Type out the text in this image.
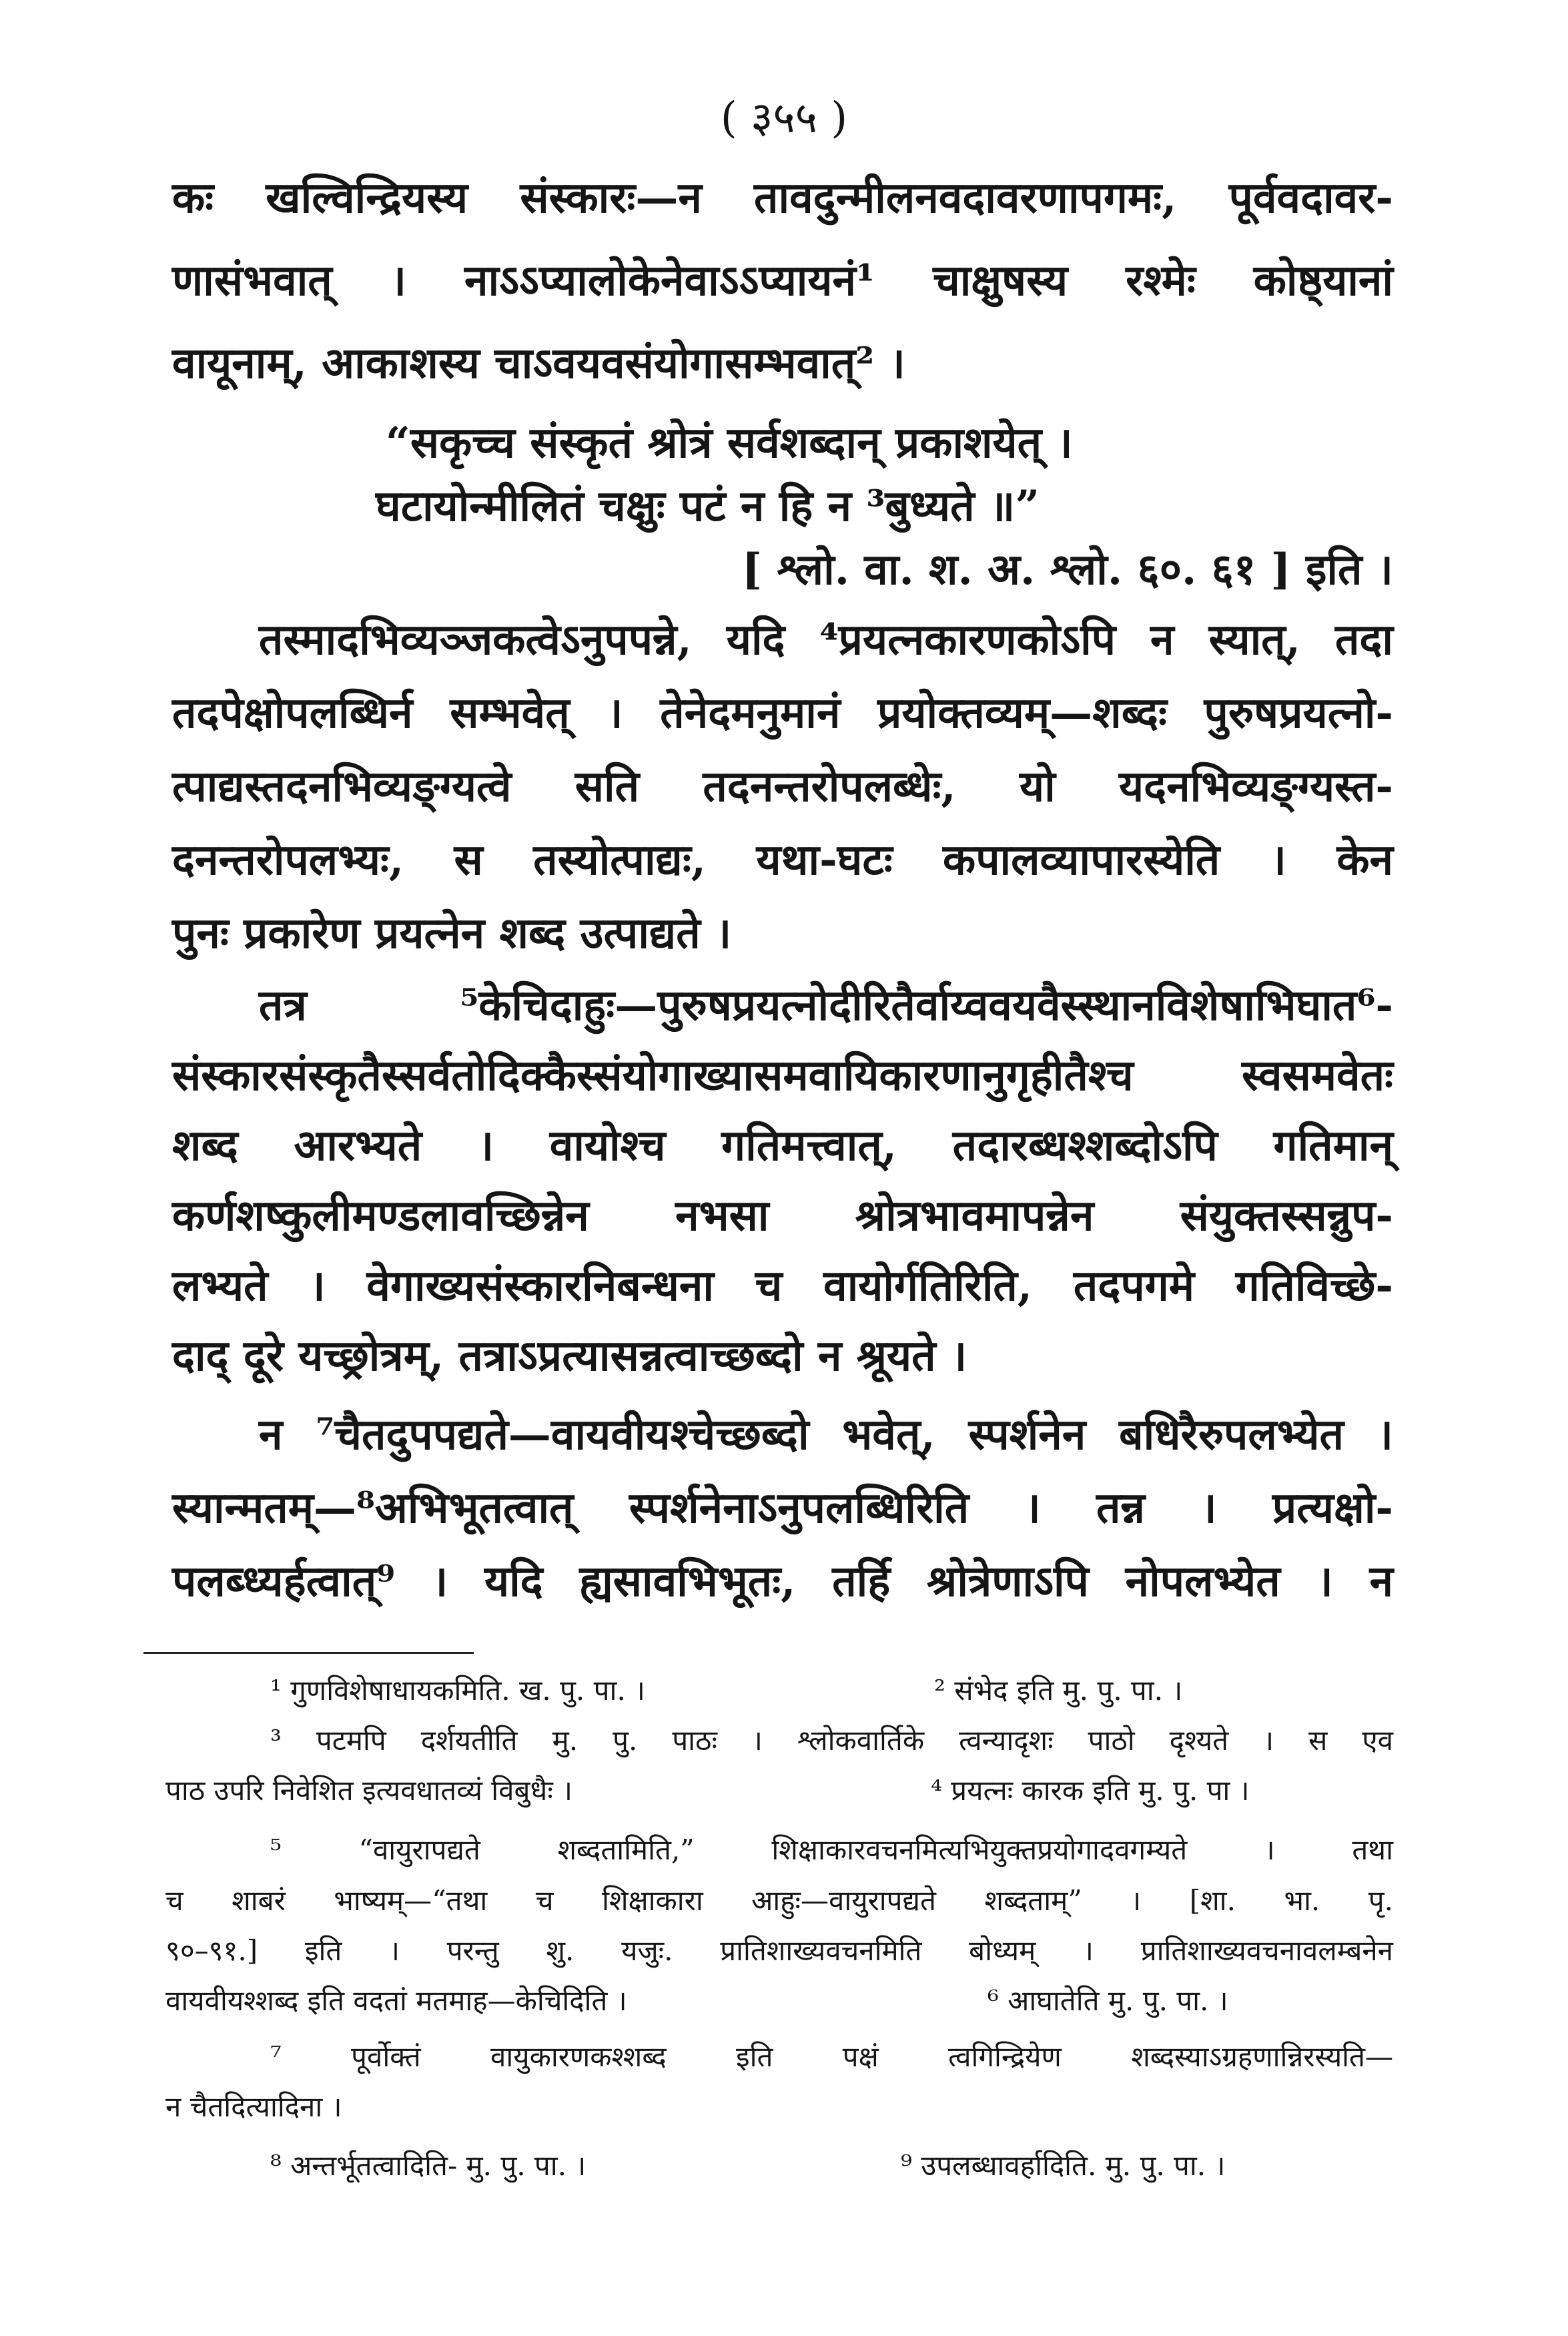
( ३५५ )
कः खल्विन्द्रियस्य संस्कारः—न तावदुन्मीलनवदावरणापगमः, पूर्ववदावर-
णासंभवात् । नाऽऽप्यालोकेनेवाऽऽप्यायनं¹ चाक्षुषस्य रश्मेः कोष्ठ्यानां
वायूनाम्, आकाशस्य चाऽवयवसंयोगासम्भवात्² ।
“सकृच्च संस्कृतं श्रोत्रं सर्वशब्दान् प्रकाशयेत् ।
घटायोन्मीलितं चक्षुः पटं न हि न ³बुध्यते ॥”
[ श्लो. वा. श. अ. श्लो. ६०. ६१ ] इति ।
तस्मादभिव्यञ्जकत्वेऽनुपपन्ने, यदि ⁴प्रयत्नकारणकोऽपि न स्यात्, तदा
तदपेक्षोपलब्धिर्न सम्भवेत् । तेनेदमनुमानं प्रयोक्तव्यम्—शब्दः पुरुषप्रयत्नो-
त्पाद्यस्तदनभिव्यङ्ग्यत्वे सति तदनन्तरोपलब्धेः, यो यदनभिव्यङ्ग्यस्त-
दनन्तरोपलभ्यः, स तस्योत्पाद्यः, यथा-घटः कपालव्यापारस्येति । केन
पुनः प्रकारेण प्रयत्नेन शब्द उत्पाद्यते ।
तत्र ⁵केचिदाहुः—पुरुषप्रयत्नोदीरितैर्वाय्ववयवैस्स्थानविशेषाभिघात⁶-
संस्कारसंस्कृतैस्सर्वतोदिक्कैस्संयोगाख्यासमवायिकारणानुगृहीतैश्च स्वसमवेतः
शब्द आरभ्यते । वायोश्च गतिमत्त्वात्, तदारब्धश्शब्दोऽपि गतिमान्
कर्णशष्कुलीमण्डलावच्छिन्नेन नभसा श्रोत्रभावमापन्नेन संयुक्तस्सन्नुप-
लभ्यते । वेगाख्यसंस्कारनिबन्धना च वायोर्गतिरिति, तदपगमे गतिविच्छे-
दाद् दूरे यच्छ्रोत्रम्, तत्राऽप्रत्यासन्नत्वाच्छब्दो न श्रूयते ।
न ⁷चैतदुपपद्यते—वायवीयश्चेच्छब्दो भवेत्, स्पर्शनेन बधिरैरुपलभ्येत ।
स्यान्मतम्—⁸अभिभूतत्वात् स्पर्शनेनाऽनुपलब्धिरिति । तन्न । प्रत्यक्षो-
पलब्ध्यर्हत्वात्⁹ । यदि ह्यसावभिभूतः, तर्हि श्रोत्रेणाऽपि नोपलभ्येत । न
¹ गुणविशेषाधायकमिति. ख. पु. पा. ।	² संभेद इति मु. पु. पा. ।
³ पटमपि दर्शयतीति मु. पु. पाठः । श्लोकवार्तिके त्वन्यादृशः पाठो दृश्यते । स एव
पाठ उपरि निवेशित इत्यवधातव्यं विबुधैः ।	⁴ प्रयत्नः कारक इति मु. पु. पा ।
⁵ “वायुरापद्यते शब्दतामिति,” शिक्षाकारवचनमित्यभियुक्तप्रयोगादवगम्यते । तथा
च शाबरं भाष्यम्—“तथा च शिक्षाकारा आहुः—वायुरापद्यते शब्दताम्” । [शा. भा. पृ.
९०–९१.] इति । परन्तु शु. यजुः. प्रातिशाख्यवचनमिति बोध्यम् । प्रातिशाख्यवचनावलम्बनेन
वायवीयश्शब्द इति वदतां मतमाह—केचिदिति ।	⁶ आघातेति मु. पु. पा. ।
⁷ पूर्वोक्तं वायुकारणकश्शब्द इति पक्षं त्वगिन्द्रियेण शब्दस्याऽग्रहणान्निरस्यति—
न चैतदित्यादिना ।
⁸ अन्तर्भूतत्वादिति- मु. पु. पा. ।	⁹ उपलब्धावर्हादिति. मु. पु. पा. ।
